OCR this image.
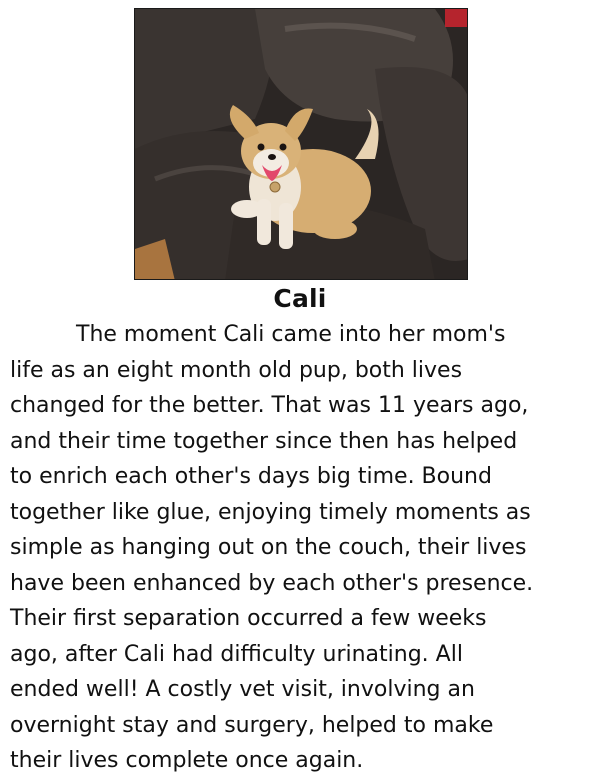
Cali
The moment Cali came into her mom's
life as an eight month old pup, both lives
changed for the better. That was 11 years ago,
and their time together since then has helped
to enrich each other's days big time. Bound
together like glue, enjoying timely moments as
simple as hanging out on the couch, their lives
have been enhanced by each other's presence.
Their first separation occurred a few weeks
ago, after Cali had difficulty urinating. All
ended well! A costly vet visit, involving an
overnight stay and surgery, helped to make
their lives complete once again.
